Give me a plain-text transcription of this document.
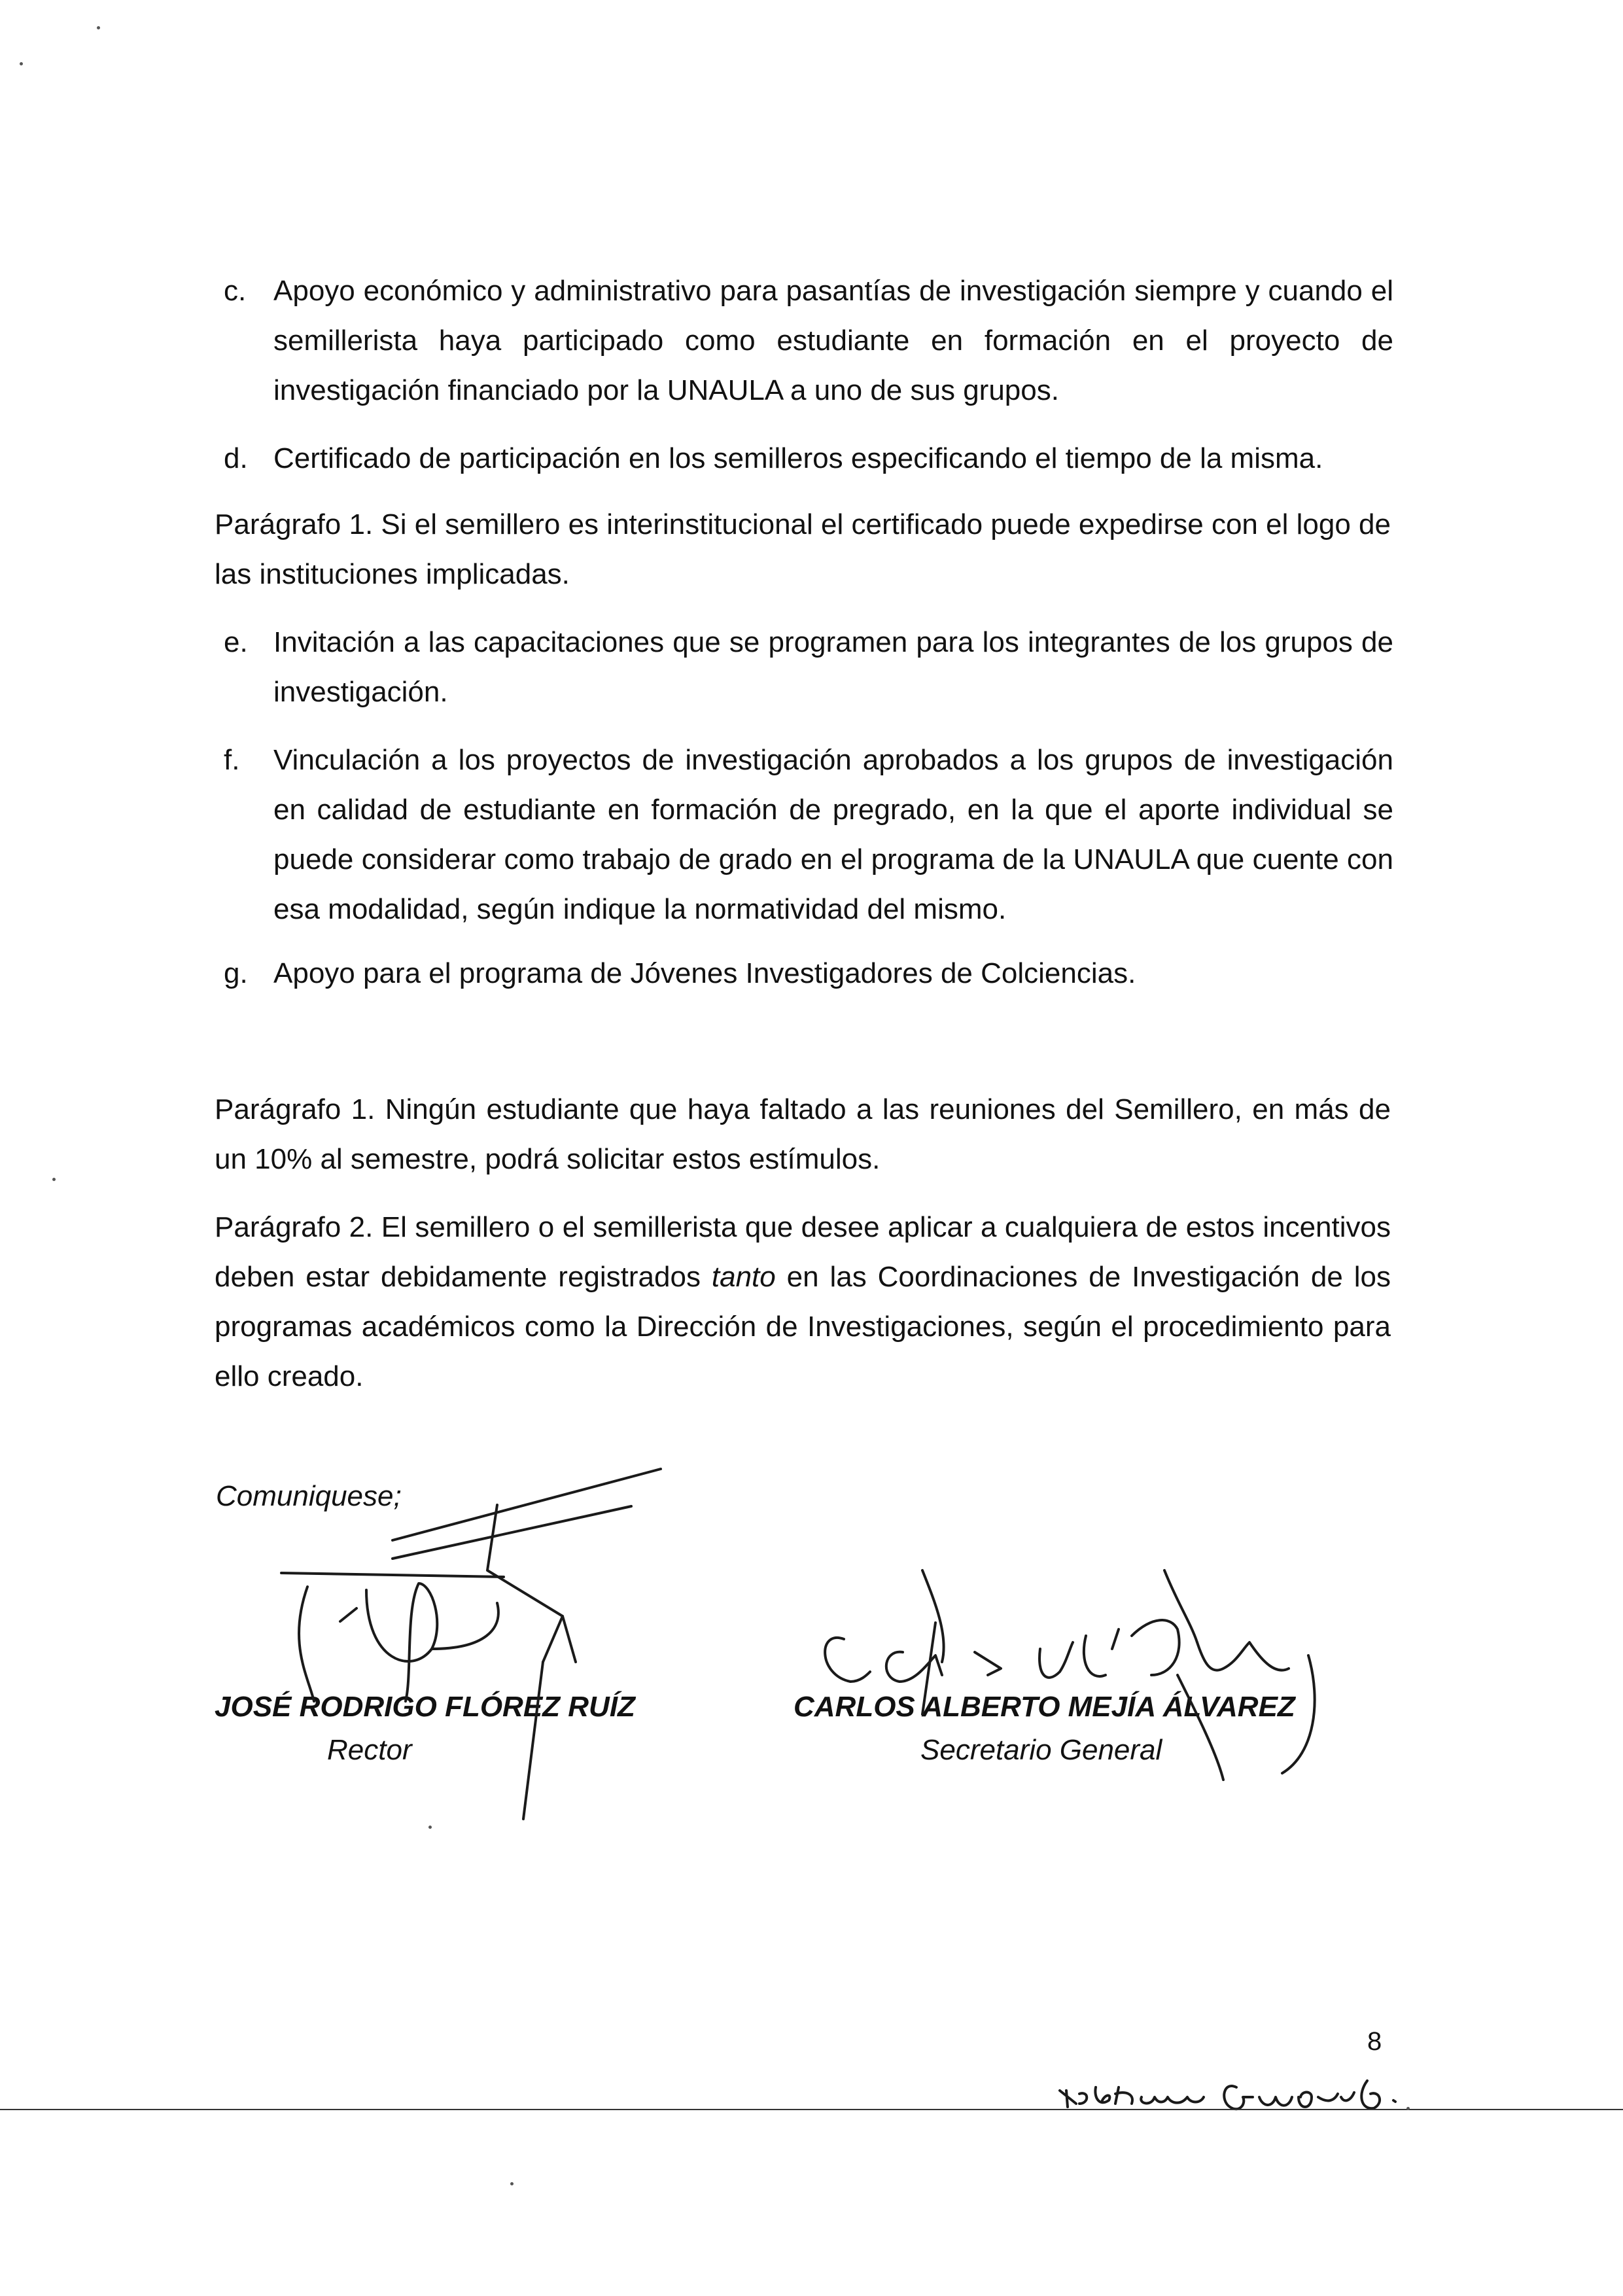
c. Apoyo económico y administrativo para pasantías de investigación siempre y cuando el semillerista haya participado como estudiante en formación en el proyecto de investigación financiado por la UNAULA a uno de sus grupos.
d. Certificado de participación en los semilleros especificando el tiempo de la misma.
Parágrafo 1. Si el semillero es interinstitucional el certificado puede expedirse con el logo de las instituciones implicadas.
e. Invitación a las capacitaciones que se programen para los integrantes de los grupos de investigación.
f. Vinculación a los proyectos de investigación aprobados a los grupos de investigación en calidad de estudiante en formación de pregrado, en la que el aporte individual se puede considerar como trabajo de grado en el programa de la UNAULA que cuente con esa modalidad, según indique la normatividad del mismo.
g. Apoyo para el programa de Jóvenes Investigadores de Colciencias.
Parágrafo 1. Ningún estudiante que haya faltado a las reuniones del Semillero, en más de un 10% al semestre, podrá solicitar estos estímulos.
Parágrafo 2. El semillero o el semillerista que desee aplicar a cualquiera de estos incentivos deben estar debidamente registrados tanto en las Coordinaciones de Investigación de los programas académicos como la Dirección de Investigaciones, según el procedimiento para ello creado.
Comuniquese;
JOSÉ RODRIGO FLÓREZ RUÍZ
Rector
CARLOS ALBERTO MEJÍA ÁLVAREZ
Secretario General
8
